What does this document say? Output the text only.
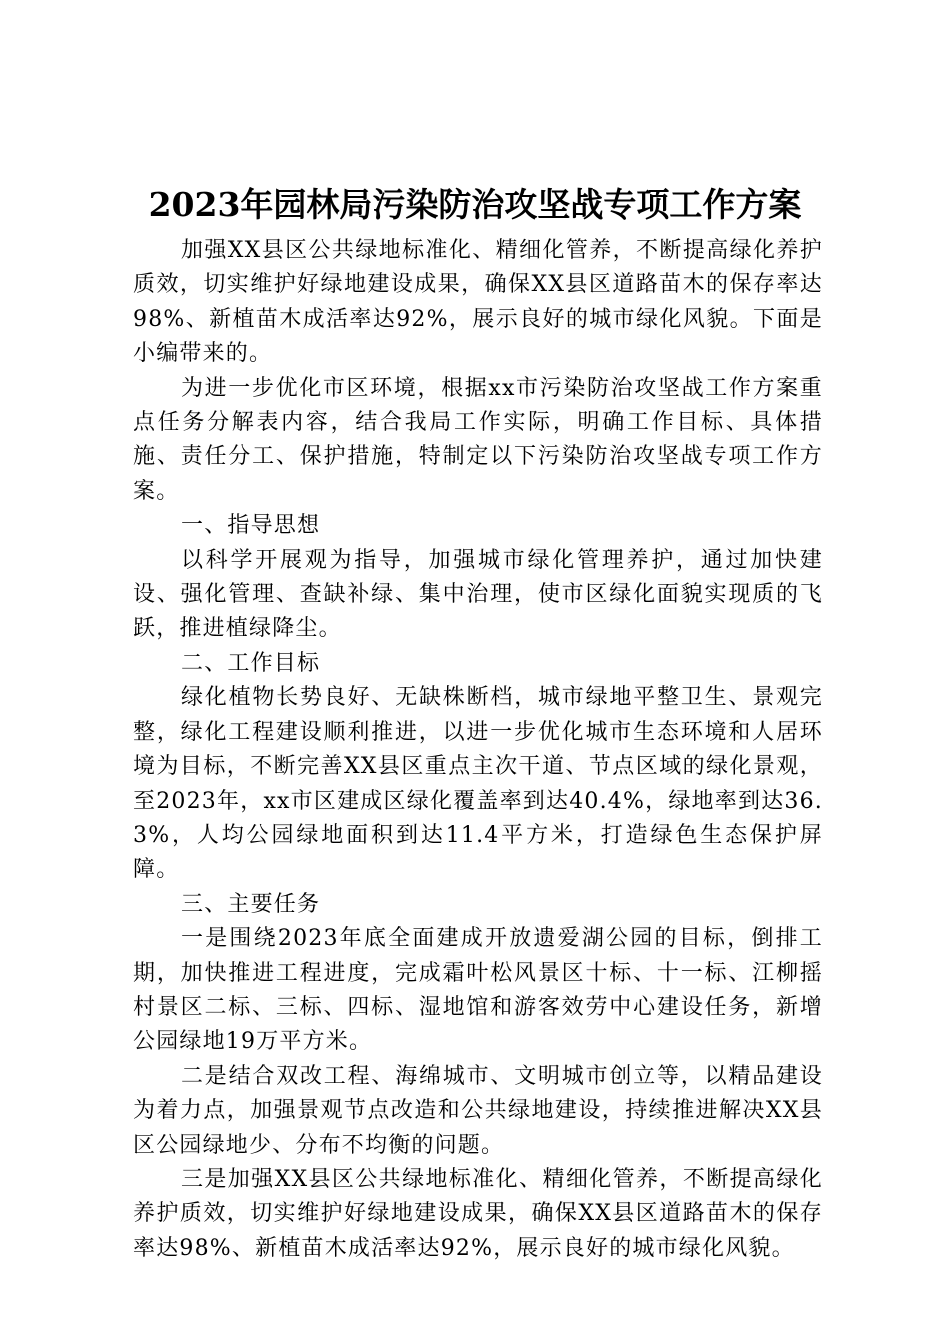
2023年园林局污染防治攻坚战专项工作方案

加强XX县区公共绿地标准化、精细化管养，不断提高绿化养护质效，切实维护好绿地建设成果，确保XX县区道路苗木的保存率达98%、新植苗木成活率达92%，展示良好的城市绿化风貌。下面是小编带来的。

为进一步优化市区环境，根据xx市污染防治攻坚战工作方案重点任务分解表内容，结合我局工作实际，明确工作目标、具体措施、责任分工、保护措施，特制定以下污染防治攻坚战专项工作方案。

一、指导思想

以科学开展观为指导，加强城市绿化管理养护，通过加快建设、强化管理、查缺补绿、集中治理，使市区绿化面貌实现质的飞跃，推进植绿降尘。

二、工作目标

绿化植物长势良好、无缺株断档，城市绿地平整卫生、景观完整，绿化工程建设顺利推进，以进一步优化城市生态环境和人居环境为目标，不断完善XX县区重点主次干道、节点区域的绿化景观，至2023年，xx市区建成区绿化覆盖率到达40.4%，绿地率到达36.3%，人均公园绿地面积到达11.4平方米，打造绿色生态保护屏障。

三、主要任务

一是围绕2023年底全面建成开放遗爱湖公园的目标，倒排工期，加快推进工程进度，完成霜叶松风景区十标、十一标、江柳摇村景区二标、三标、四标、湿地馆和游客效劳中心建设任务，新增公园绿地19万平方米。

二是结合双改工程、海绵城市、文明城市创立等，以精品建设为着力点，加强景观节点改造和公共绿地建设，持续推进解决XX县区公园绿地少、分布不均衡的问题。

三是加强XX县区公共绿地标准化、精细化管养，不断提高绿化养护质效，切实维护好绿地建设成果，确保XX县区道路苗木的保存率达98%、新植苗木成活率达92%，展示良好的城市绿化风貌。
